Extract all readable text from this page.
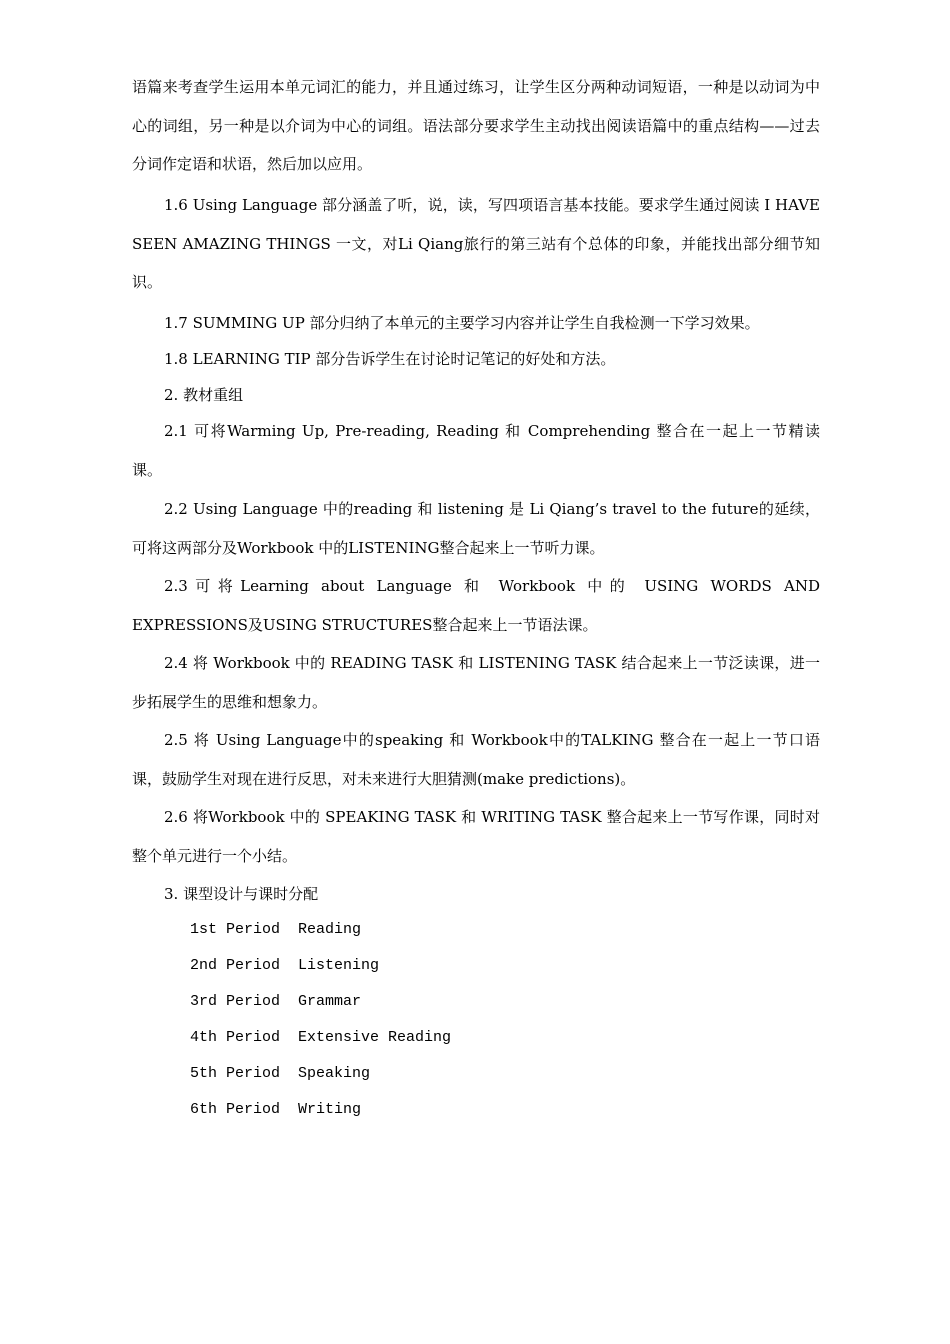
语篇来考查学生运用本单元词汇的能力，并且通过练习，让学生区分两种动词短语，一种是以动词为中心的词组，另一种是以介词为中心的词组。语法部分要求学生主动找出阅读语篇中的重点结构——过去分词作定语和状语，然后加以应用。

1.6 Using Language 部分涵盖了听，说，读，写四项语言基本技能。要求学生通过阅读 I HAVE SEEN AMAZING THINGS 一文，对Li Qiang旅行的第三站有个总体的印象，并能找出部分细节知识。

1.7 SUMMING UP 部分归纳了本单元的主要学习内容并让学生自我检测一下学习效果。

1.8 LEARNING TIP 部分告诉学生在讨论时记笔记的好处和方法。

2. 教材重组

2.1 可将Warming Up, Pre-reading, Reading 和 Comprehending 整合在一起上一节精读课。

2.2 Using Language 中的reading 和 listening 是 Li Qiang’s travel to the future的延续，可将这两部分及Workbook 中的LISTENING整合起来上一节听力课。

2.3可将Learning about Language 和 Workbook 中的 USING WORDS AND EXPRESSIONS及USING STRUCTURES整合起来上一节语法课。

2.4 将 Workbook 中的 READING TASK 和 LISTENING TASK 结合起来上一节泛读课，进一步拓展学生的思维和想象力。

2.5 将 Using Language中的speaking 和 Workbook中的TALKING 整合在一起上一节口语课，鼓励学生对现在进行反思，对未来进行大胆猜测(make predictions)。

2.6 将Workbook 中的 SPEAKING TASK 和 WRITING TASK 整合起来上一节写作课，同时对整个单元进行一个小结。

3. 课型设计与课时分配

1st Period Reading
2nd Period Listening
3rd Period Grammar
4th Period Extensive Reading
5th Period Speaking
6th Period Writing
